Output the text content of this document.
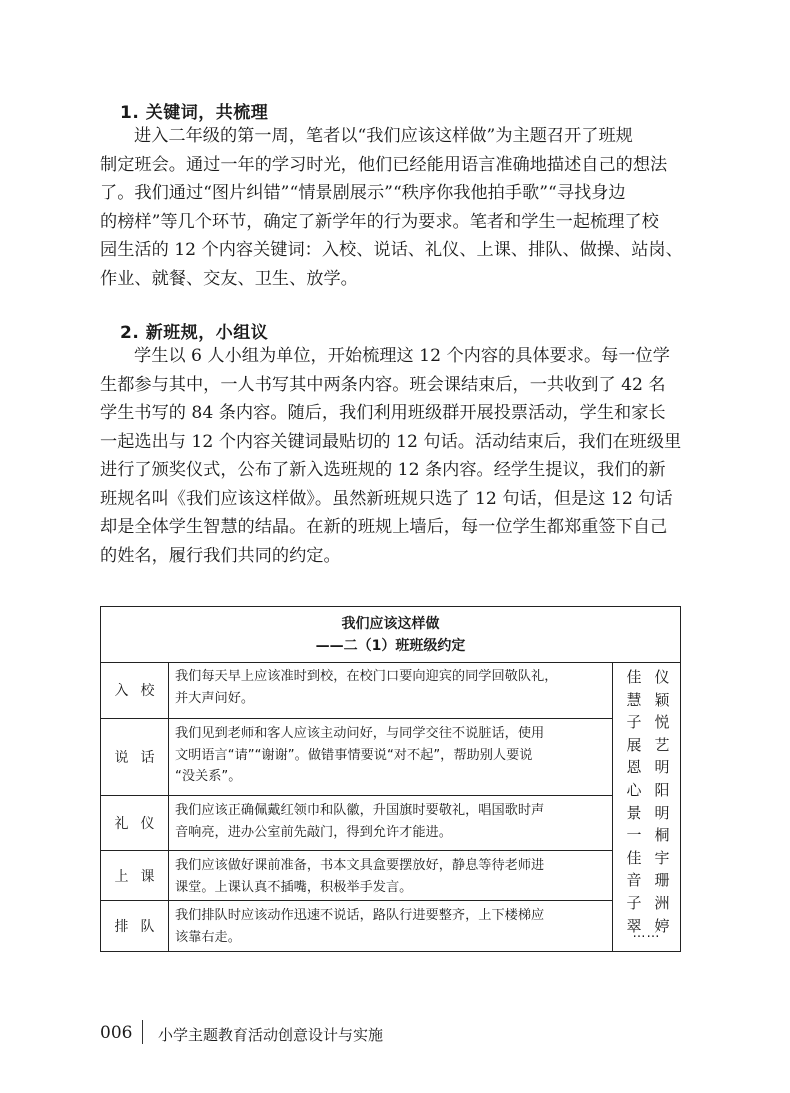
1. 关键词，共梳理

进入二年级的第一周，笔者以“我们应该这样做”为主题召开了班规
制定班会。通过一年的学习时光，他们已经能用语言准确地描述自己的想法
了。我们通过“图片纠错”“情景剧展示”“秩序你我他拍手歌”“寻找身边
的榜样”等几个环节，确定了新学年的行为要求。笔者和学生一起梳理了校
园生活的 12 个内容关键词：入校、说话、礼仪、上课、排队、做操、站岗、
作业、就餐、交友、卫生、放学。

2. 新班规，小组议

学生以 6 人小组为单位，开始梳理这 12 个内容的具体要求。每一位学
生都参与其中，一人书写其中两条内容。班会课结束后，一共收到了 42 名
学生书写的 84 条内容。随后，我们利用班级群开展投票活动，学生和家长
一起选出与 12 个内容关键词最贴切的 12 句话。活动结束后，我们在班级里
进行了颁奖仪式，公布了新入选班规的 12 条内容。经学生提议，我们的新
班规名叫《我们应该这样做》。虽然新班规只选了 12 句话，但是这 12 句话
却是全体学生智慧的结晶。在新的班规上墙后，每一位学生都郑重签下自己
的姓名，履行我们共同的约定。

我们应该这样做
——二（1）班班级约定
入校
我们每天早上应该准时到校，在校门口要向迎宾的同学回敬队礼，
并大声问好。
说话
我们见到老师和客人应该主动问好，与同学交往不说脏话，使用
文明语言“请”“谢谢”。做错事情要说“对不起”，帮助别人要说
“没关系”。
礼仪
我们应该正确佩戴红领巾和队徽，升国旗时要敬礼，唱国歌时声
音响亮，进办公室前先敲门，得到允许才能进。
上课
我们应该做好课前准备，书本文具盒要摆放好，静息等待老师进
课堂。上课认真不插嘴，积极举手发言。
排队
我们排队时应该动作迅速不说话，路队行进要整齐，上下楼梯应
该靠右走。
佳
慧
子
展
恩
心
景
一
佳
音
子
翠
仪
颖
悦
艺
明
阳
明
桐
宇
珊
洲
婷
……
006 小学主题教育活动创意设计与实施
